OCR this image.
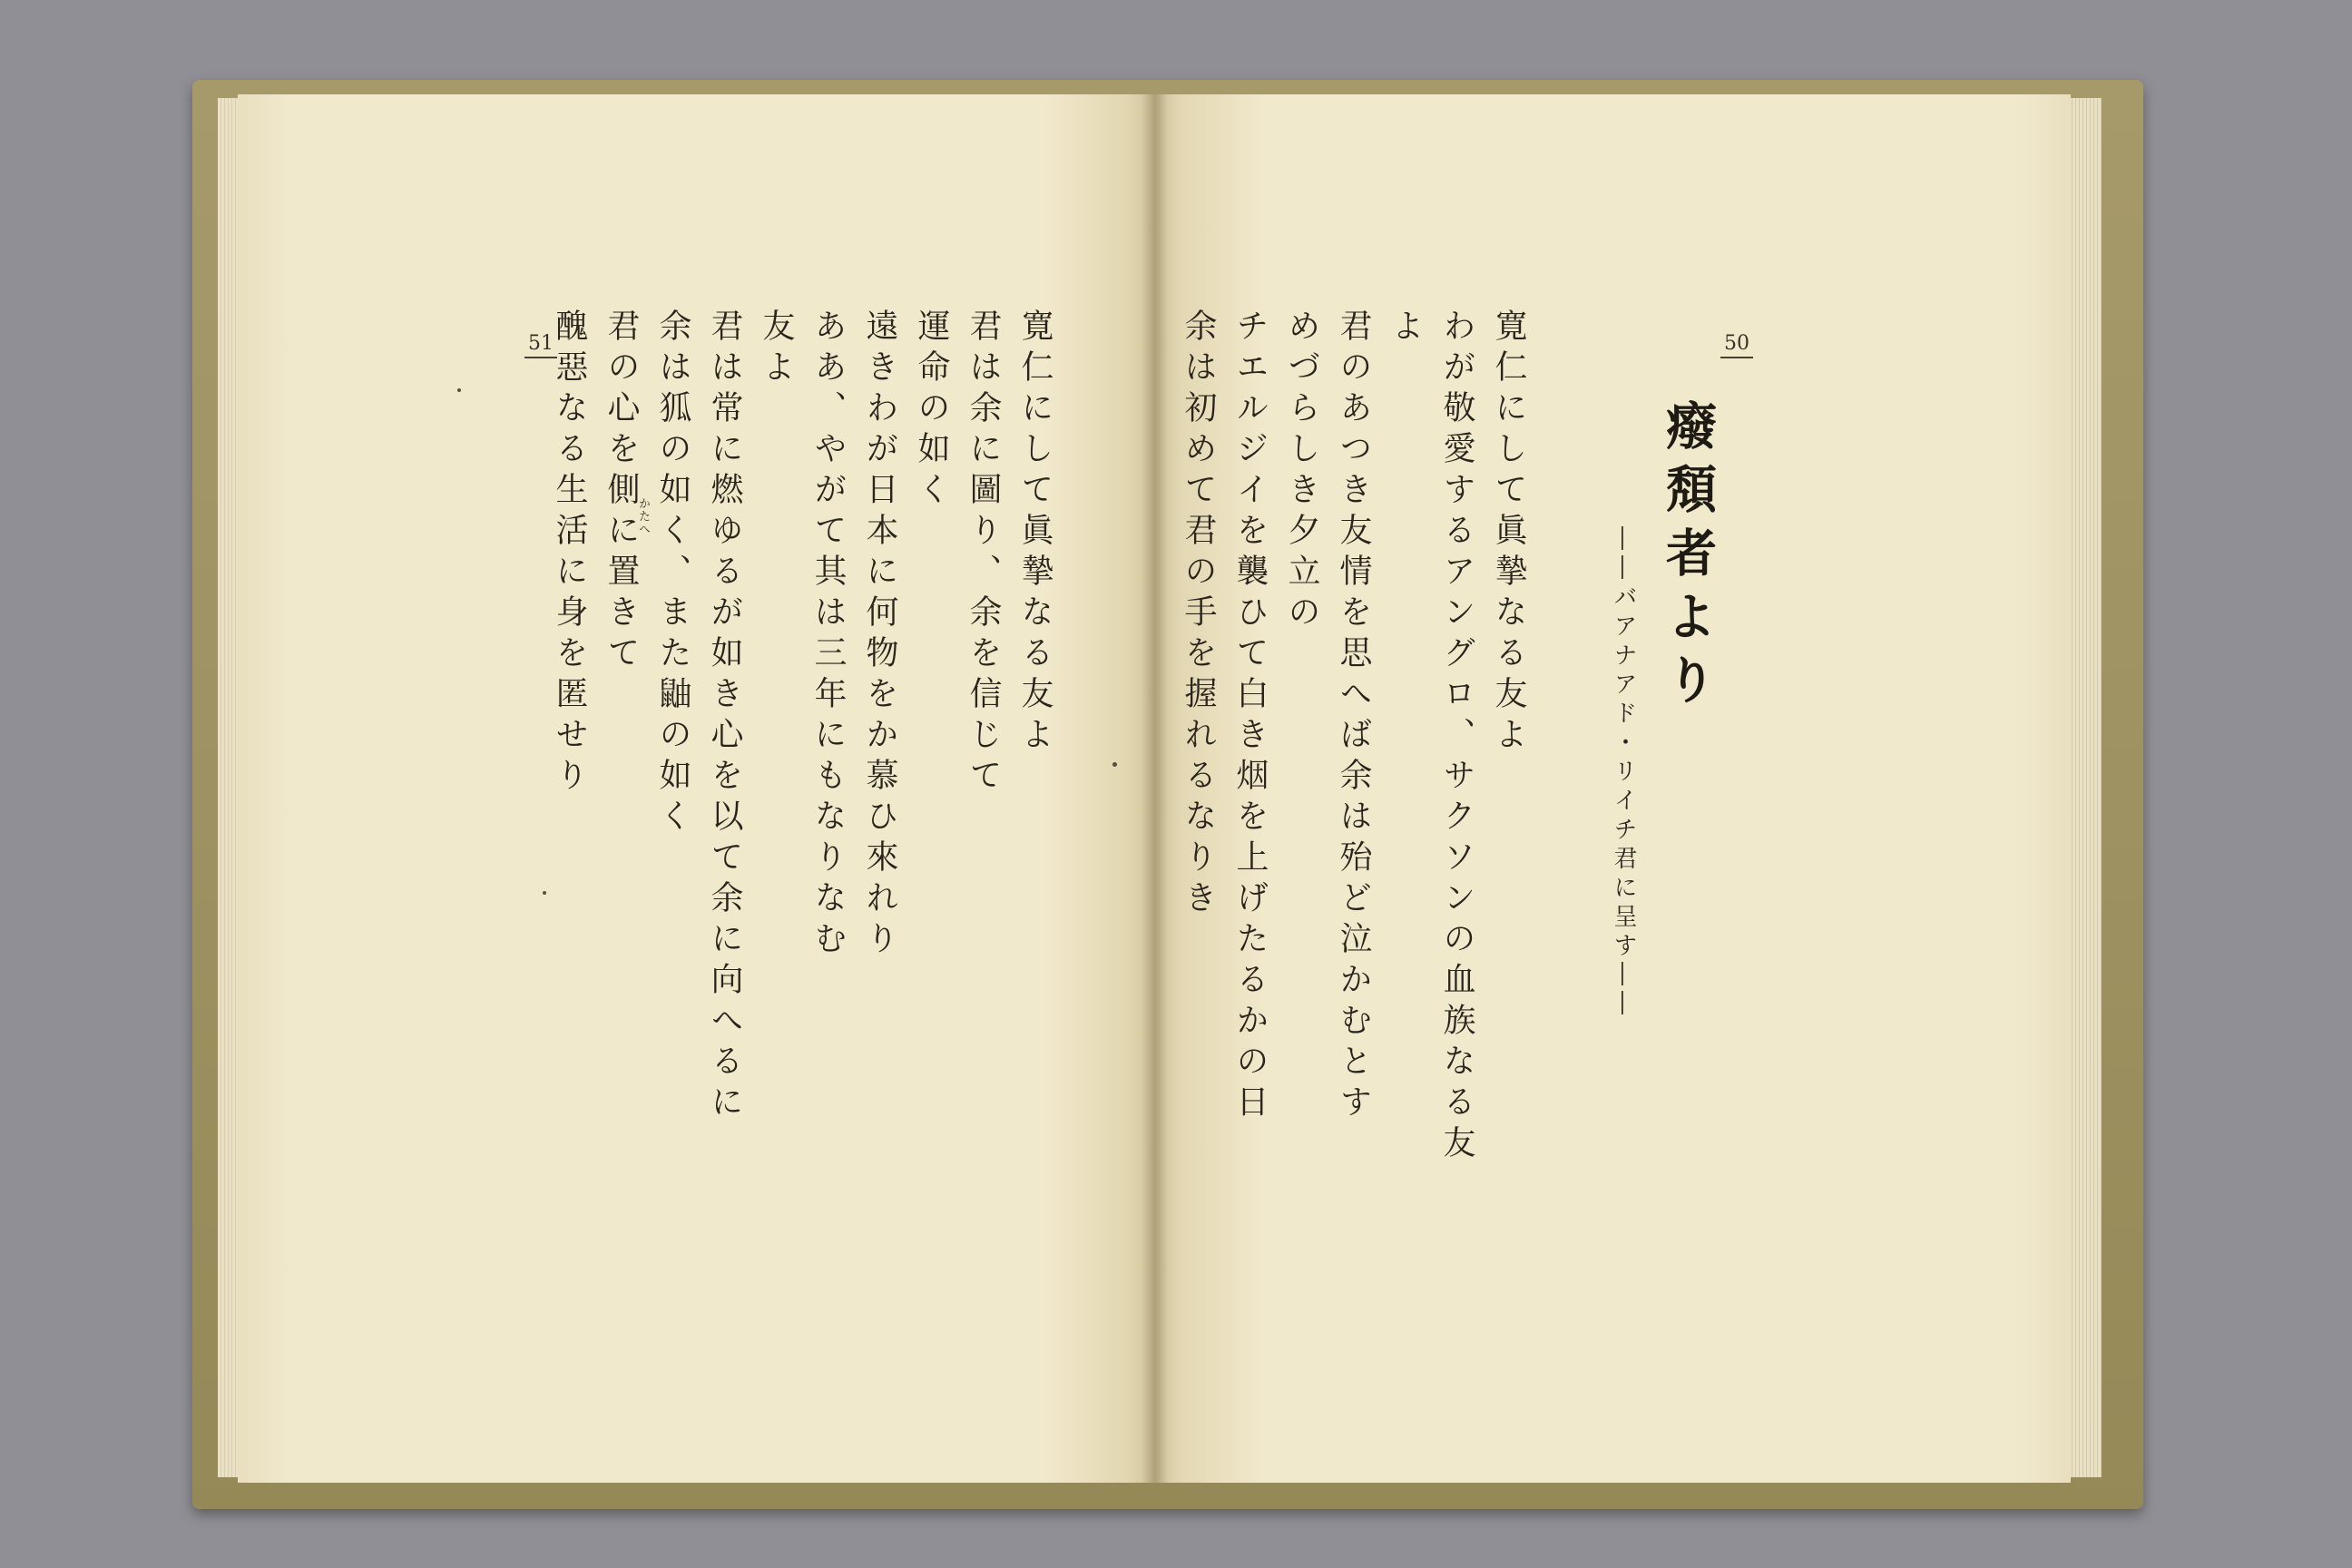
51	50
寛仁にして眞摯なる友よ
君は余に圖り、余を信じて
運命の如く
遠きわが日本に何物をか慕ひ來れり
ああ、やがて其は三年にもなりなむ
友よ
君は常に燃ゆるが如き心を以て余に向へるに
余は狐の如く、また鼬の如く
君の心を側に置きて
醜惡なる生活に身を匿せり	かたへ	癈頽者より
――バアナアド・リイチ君に呈す――
寛仁にして眞摯なる友よ
わが敬愛するアングロ、サクソンの血族なる友
よ
君のあつき友情を思へば余は殆ど泣かむとす
めづらしき夕立の
チエルジイを襲ひて白き烟を上げたるかの日
余は初めて君の手を握れるなりき
